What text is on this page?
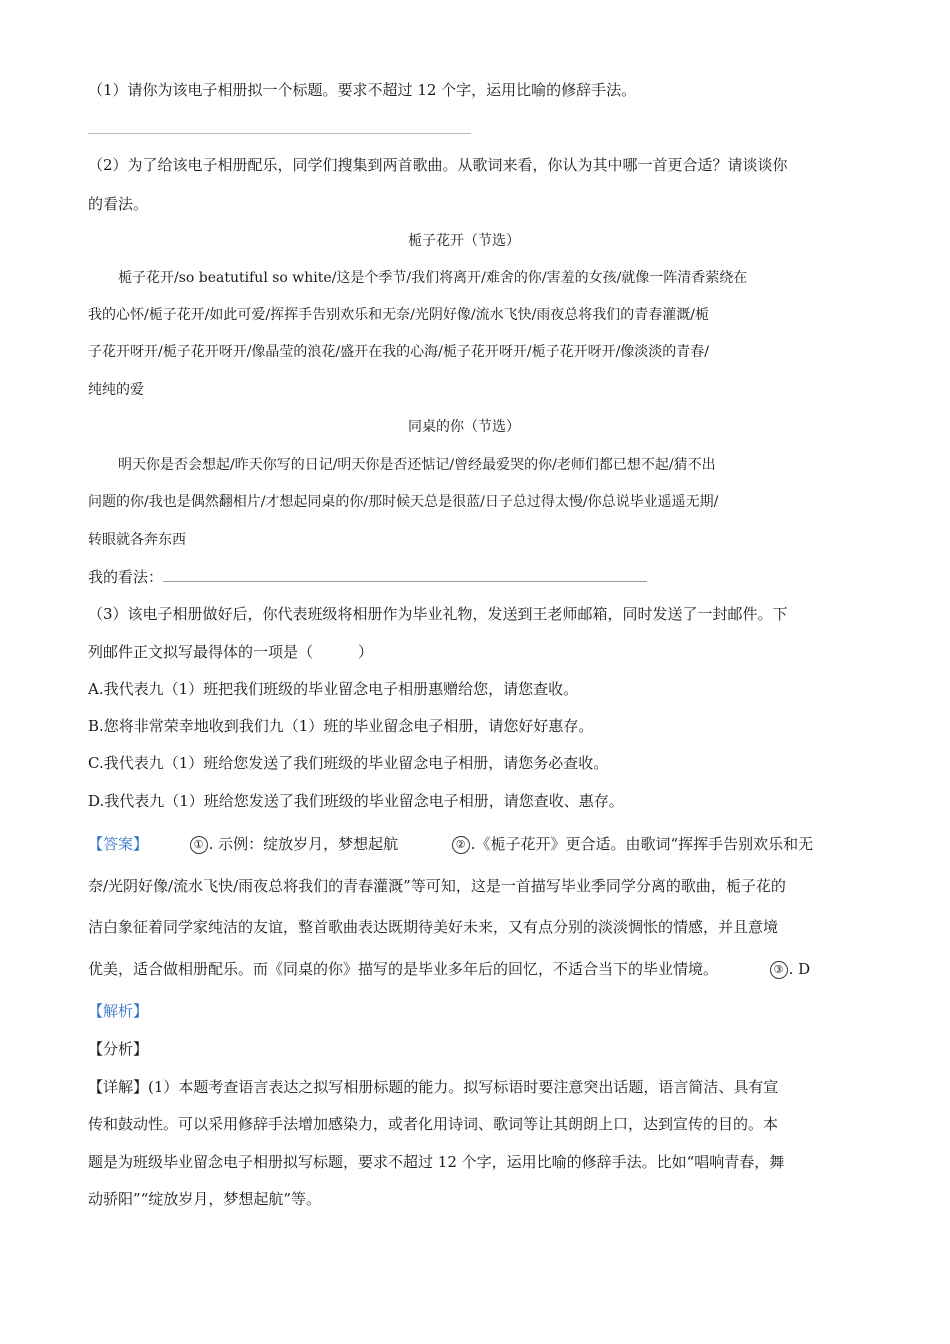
（1）请你为该电子相册拟一个标题。要求不超过 12 个字，运用比喻的修辞手法。
（2）为了给该电子相册配乐，同学们搜集到两首歌曲。从歌词来看，你认为其中哪一首更合适？请谈谈你
的看法。
栀子花开（节选）
栀子花开/so beatutiful so white/这是个季节/我们将离开/难舍的你/害羞的女孩/就像一阵清香萦绕在
我的心怀/栀子花开/如此可爱/挥挥手告别欢乐和无奈/光阴好像/流水飞快/雨夜总将我们的青春灌溉/栀
子花开呀开/栀子花开呀开/像晶莹的浪花/盛开在我的心海/栀子花开呀开/栀子花开呀开/像淡淡的青春/
纯纯的爱
同桌的你（节选）
明天你是否会想起/昨天你写的日记/明天你是否还惦记/曾经最爱哭的你/老师们都已想不起/猜不出
问题的你/我也是偶然翻相片/才想起同桌的你/那时候天总是很蓝/日子总过得太慢/你总说毕业遥遥无期/
转眼就各奔东西
我的看法：
（3）该电子相册做好后，你代表班级将相册作为毕业礼物，发送到王老师邮箱，同时发送了一封邮件。下
列邮件正文拟写最得体的一项是（　　　）
A.我代表九（1）班把我们班级的毕业留念电子相册惠赠给您，请您查收。
B.您将非常荣幸地收到我们九（1）班的毕业留念电子相册，请您好好惠存。
C.我代表九（1）班给您发送了我们班级的毕业留念电子相册，请您务必查收。
D.我代表九（1）班给您发送了我们班级的毕业留念电子相册，请您查收、惠存。
【答案】	① . 示例：绽放岁月，梦想起航	② .《栀子花开》更合适。由歌词“挥挥手告别欢乐和无
奈/光阴好像/流水飞快/雨夜总将我们的青春灌溉”等可知，这是一首描写毕业季同学分离的歌曲，栀子花的
洁白象征着同学家纯洁的友谊，整首歌曲表达既期待美好未来，又有点分别的淡淡惆怅的情感，并且意境
优美，适合做相册配乐。而《同桌的你》描写的是毕业多年后的回忆，不适合当下的毕业情境。	③ . D
【解析】
【分析】
【详解】(1）本题考查语言表达之拟写相册标题的能力。拟写标语时要注意突出话题，语言简洁、具有宣
传和鼓动性。可以采用修辞手法增加感染力，或者化用诗词、歌词等让其朗朗上口，达到宣传的目的。本
题是为班级毕业留念电子相册拟写标题，要求不超过 12 个字，运用比喻的修辞手法。比如“唱响青春，舞
动骄阳”“绽放岁月，梦想起航”等。
